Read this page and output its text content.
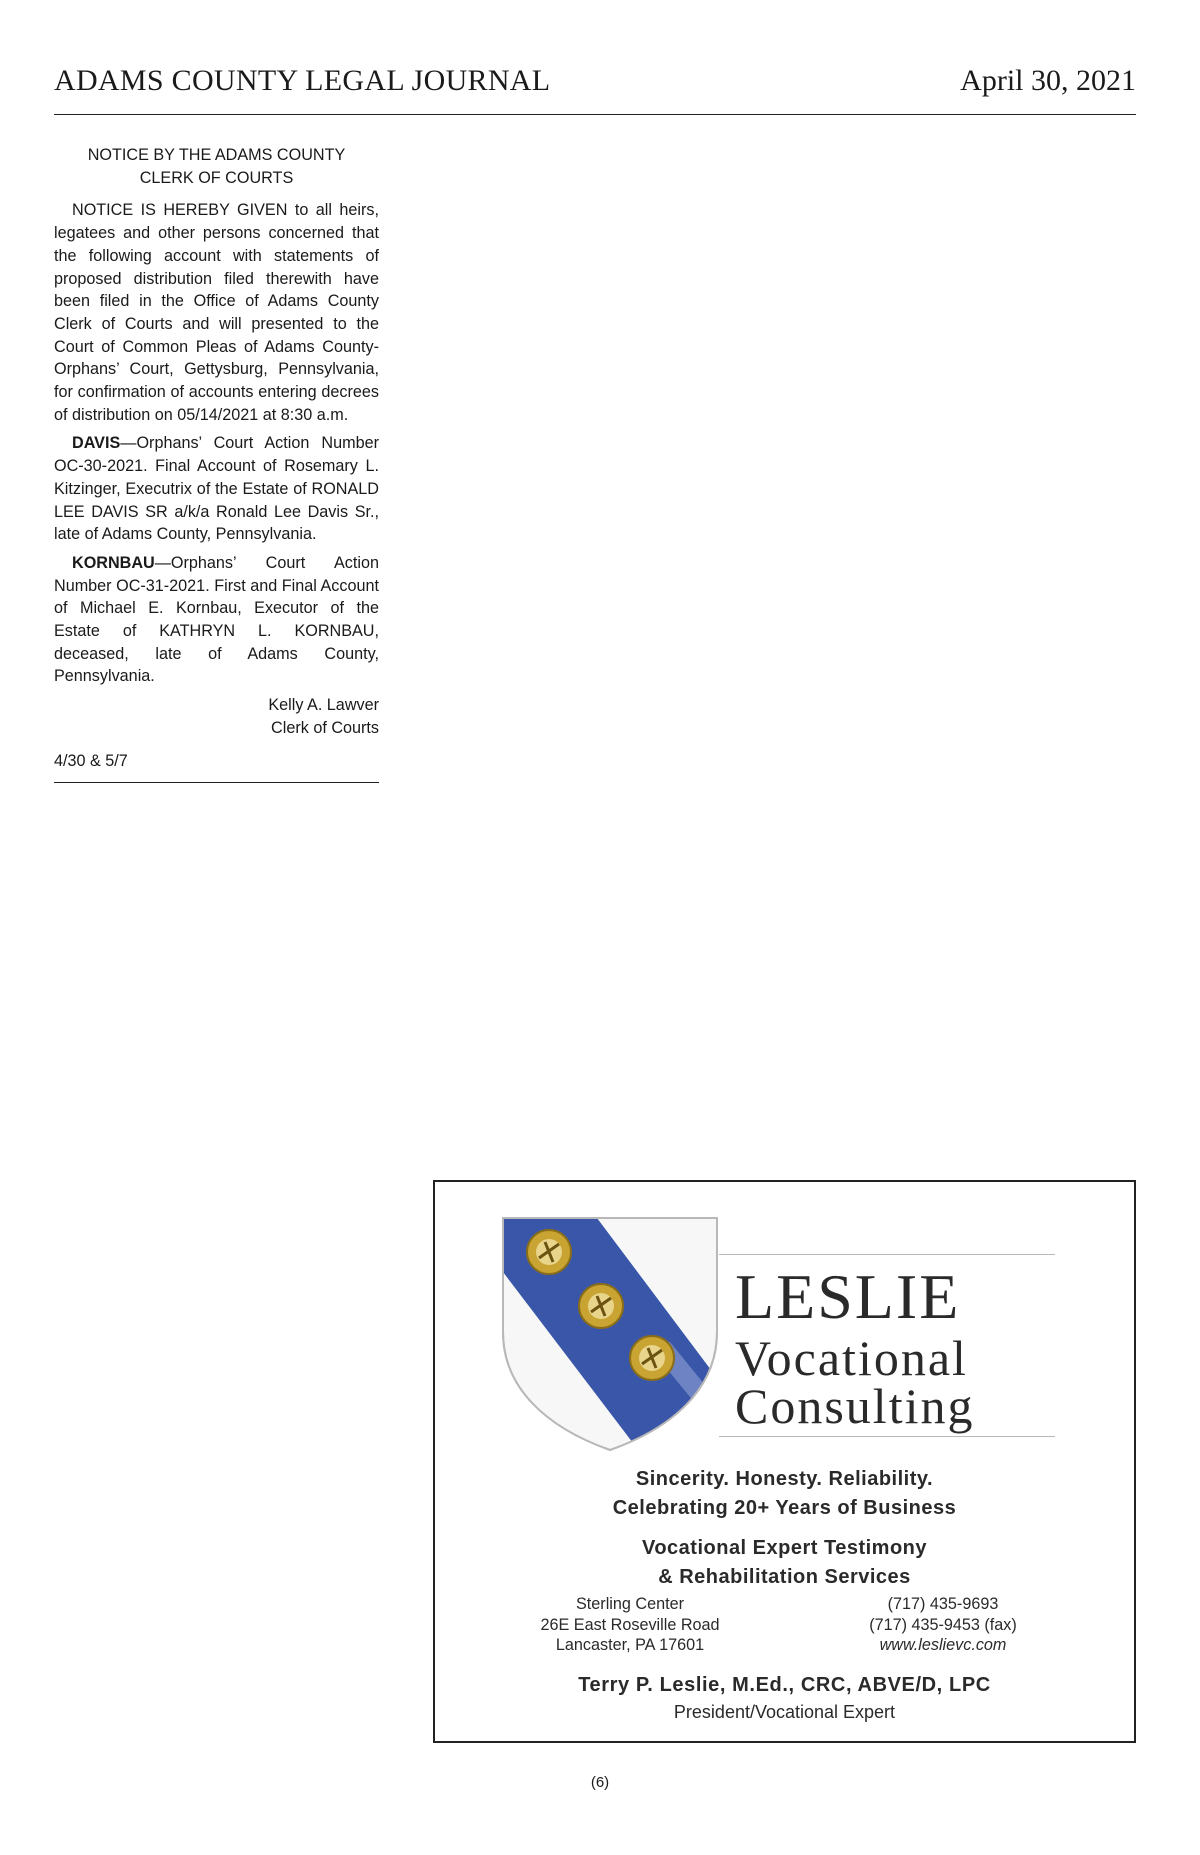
ADAMS COUNTY LEGAL JOURNAL	April 30, 2021
NOTICE BY THE ADAMS COUNTY
CLERK OF COURTS

NOTICE IS HEREBY GIVEN to all heirs, legatees and other persons concerned that the following account with statements of proposed distribution filed therewith have been filed in the Office of Adams County Clerk of Courts and will presented to the Court of Common Pleas of Adams County-Orphans’ Court, Gettysburg, Pennsylvania, for confirmation of accounts entering decrees of distribution on 05/14/2021 at 8:30 a.m.

DAVIS—Orphans’ Court Action Number OC-30-2021. Final Account of Rosemary L. Kitzinger, Executrix of the Estate of RONALD LEE DAVIS SR a/k/a Ronald Lee Davis Sr., late of Adams County, Pennsylvania.

KORNBAU—Orphans’ Court Action Number OC-31-2021. First and Final Account of Michael E. Kornbau, Executor of the Estate of KATHRYN L. KORNBAU, deceased, late of Adams County, Pennsylvania.

Kelly A. Lawver
Clerk of Courts
4/30 & 5/7
LESLIE
Vocational
Consulting
Sincerity. Honesty. Reliability.
Celebrating 20+ Years of Business
Vocational Expert Testimony
& Rehabilitation Services
Sterling Center
26E East Roseville Road
Lancaster, PA 17601
(717) 435-9693
(717) 435-9453 (fax)
www.leslievc.com
Terry P. Leslie, M.Ed., CRC, ABVE/D, LPC
President/Vocational Expert
(6)
